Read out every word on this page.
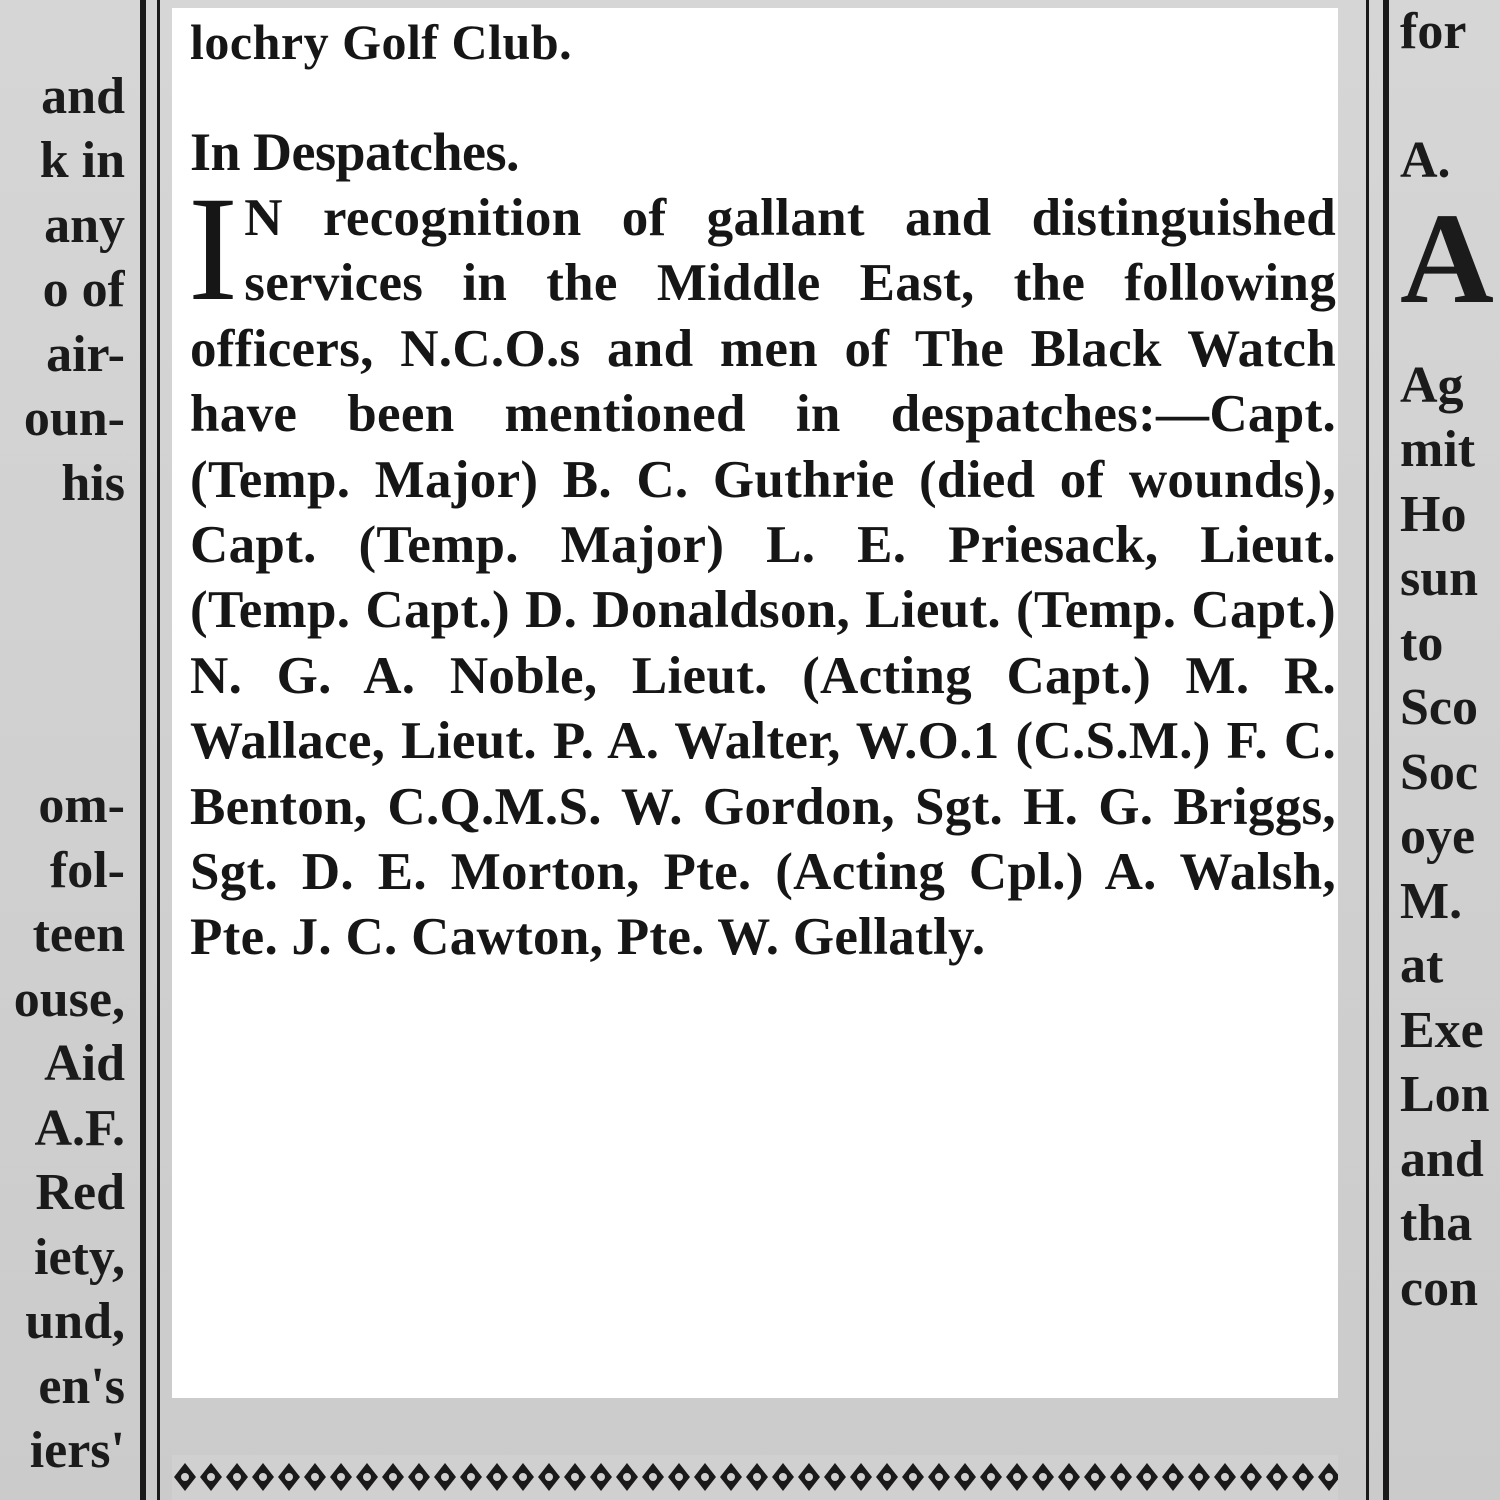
and
k in
any
o of
air-
oun-
his
om-
fol-
teen
ouse,
Aid
A.F.
Red
iety,
und,
en's
iers'
for
A.
A
Ag
mit
Ho
sun
to
Sco
Soc
oye
M.
at
Exe
Lon
and
tha
con
lochry Golf Club.
In Despatches.
I N recognition of gallant and distinguished services in the Middle East, the following officers, N.C.O.s and men of The Black Watch have been mentioned in despatches:—Capt. (Temp. Major) B. C. Guthrie (died of wounds), Capt. (Temp. Major) L. E. Priesack, Lieut. (Temp. Capt.) D. Donaldson, Lieut. (Temp. Capt.) N. G. A. Noble, Lieut. (Acting Capt.) M. R. Wallace, Lieut. P. A. Walter, W.O.1 (C.S.M.) F. C. Benton, C.Q.M.S. W. Gordon, Sgt. H. G. Briggs, Sgt. D. E. Morton, Pte. (Acting Cpl.) A. Walsh, Pte. J. C. Cawton, Pte. W. Gellatly.
